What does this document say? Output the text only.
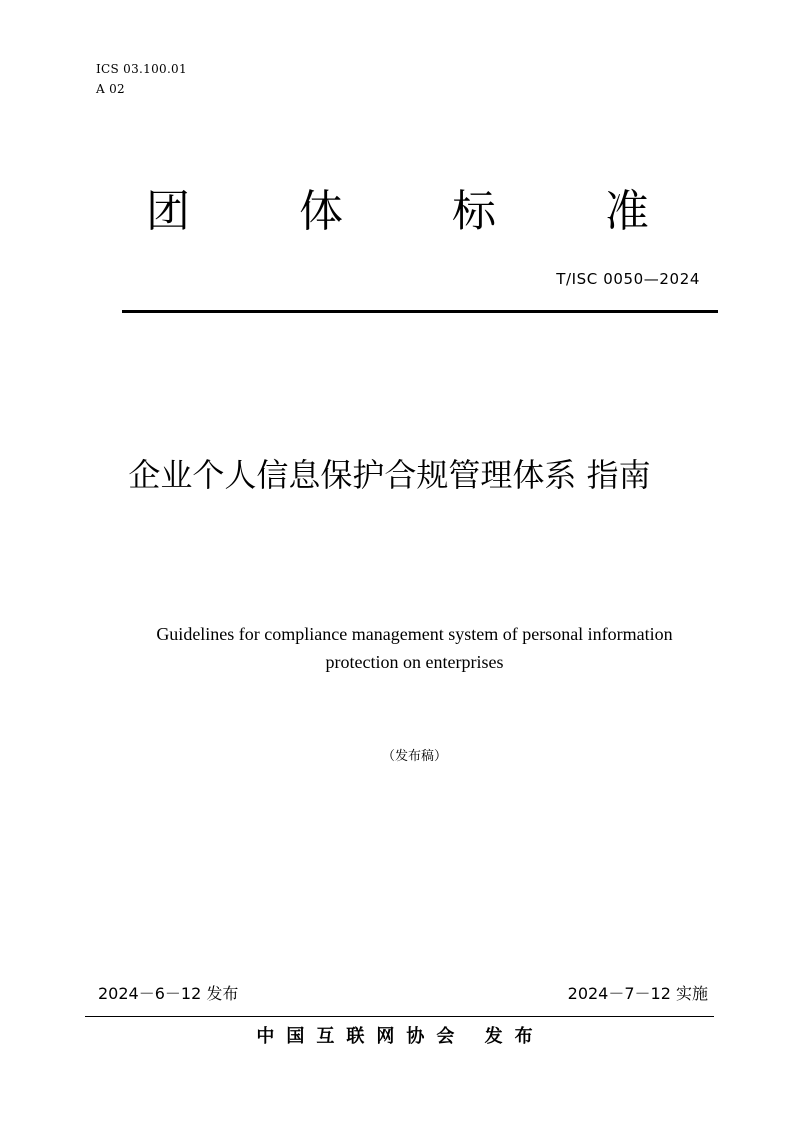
ICS 03.100.01
A 02
团 体 标 准
T/ISC 0050—2024
企业个人信息保护合规管理体系 指南
Guidelines for compliance management system of personal information
protection on enterprises
（发布稿）
2024－6－12 发布	2024－7－12 实施
中国互联网协会 发布
